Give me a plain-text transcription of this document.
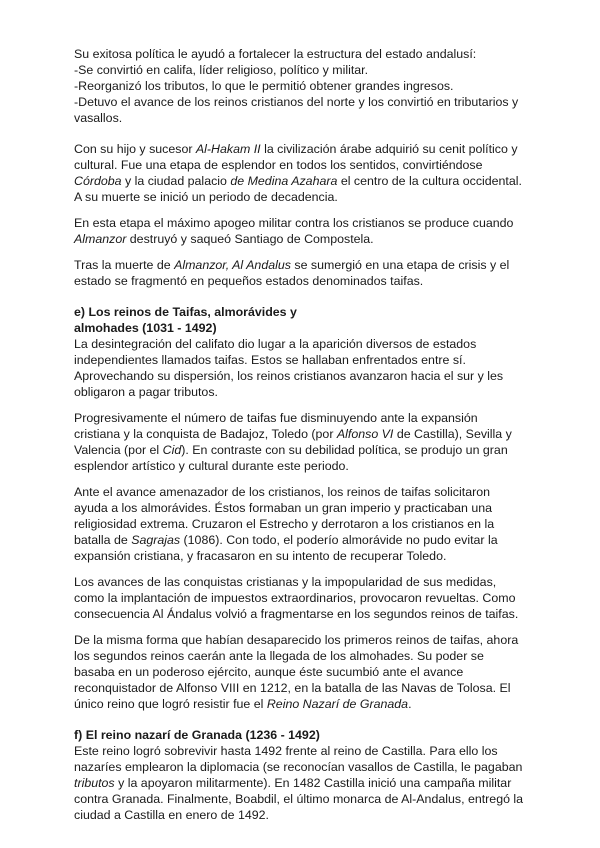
Su exitosa política le ayudó a fortalecer la estructura del estado andalusí:

-Se convirtió en califa, líder religioso, político y militar.

-Reorganizó los tributos, lo que le permitió obtener grandes ingresos.

-Detuvo el avance de los reinos cristianos del norte y los convirtió en tributarios y vasallos.

Con su hijo y sucesor Al-Hakam II la civilización árabe adquirió su cenit político y cultural. Fue una etapa de esplendor en todos los sentidos, convirtiéndose Córdoba y la ciudad palacio de Medina Azahara el centro de la cultura occidental. A su muerte se inició un periodo de decadencia.

En esta etapa el máximo apogeo militar contra los cristianos se produce cuando Almanzor destruyó y saqueó Santiago de Compostela.

Tras la muerte de Almanzor, Al Andalus se sumergió en una etapa de crisis y el estado se fragmentó en pequeños estados denominados taifas.

e) Los reinos de Taifas, almorávides y

almohades (1031 - 1492)

La desintegración del califato dio lugar a la aparición diversos de estados independientes llamados taifas. Estos se hallaban enfrentados entre sí. Aprovechando su dispersión, los reinos cristianos avanzaron hacia el sur y les obligaron a pagar tributos.

Progresivamente el número de taifas fue disminuyendo ante la expansión cristiana y la conquista de Badajoz, Toledo (por Alfonso VI de Castilla), Sevilla y Valencia (por el Cid). En contraste con su debilidad política, se produjo un gran esplendor artístico y cultural durante este periodo.

Ante el avance amenazador de los cristianos, los reinos de taifas solicitaron ayuda a los almorávides. Éstos formaban un gran imperio y practicaban una religiosidad extrema. Cruzaron el Estrecho y derrotaron a los cristianos en la batalla de Sagrajas (1086). Con todo, el poderío almorávide no pudo evitar la expansión cristiana, y fracasaron en su intento de recuperar Toledo.

Los avances de las conquistas cristianas y la impopularidad de sus medidas, como la implantación de impuestos extraordinarios, provocaron revueltas. Como consecuencia Al Ándalus volvió a fragmentarse en los segundos reinos de taifas.

De la misma forma que habían desaparecido los primeros reinos de taifas, ahora los segundos reinos caerán ante la llegada de los almohades. Su poder se basaba en un poderoso ejército, aunque éste sucumbió ante el avance reconquistador de Alfonso VIII en 1212, en la batalla de las Navas de Tolosa. El único reino que logró resistir fue el Reino Nazarí de Granada.

f) El reino nazarí de Granada (1236 - 1492)

Este reino logró sobrevivir hasta 1492 frente al reino de Castilla. Para ello los nazaríes emplearon la diplomacia (se reconocían vasallos de Castilla, le pagaban tributos y la apoyaron militarmente). En 1482 Castilla inició una campaña militar contra Granada. Finalmente, Boabdil, el último monarca de Al-Andalus, entregó la ciudad a Castilla en enero de 1492.
